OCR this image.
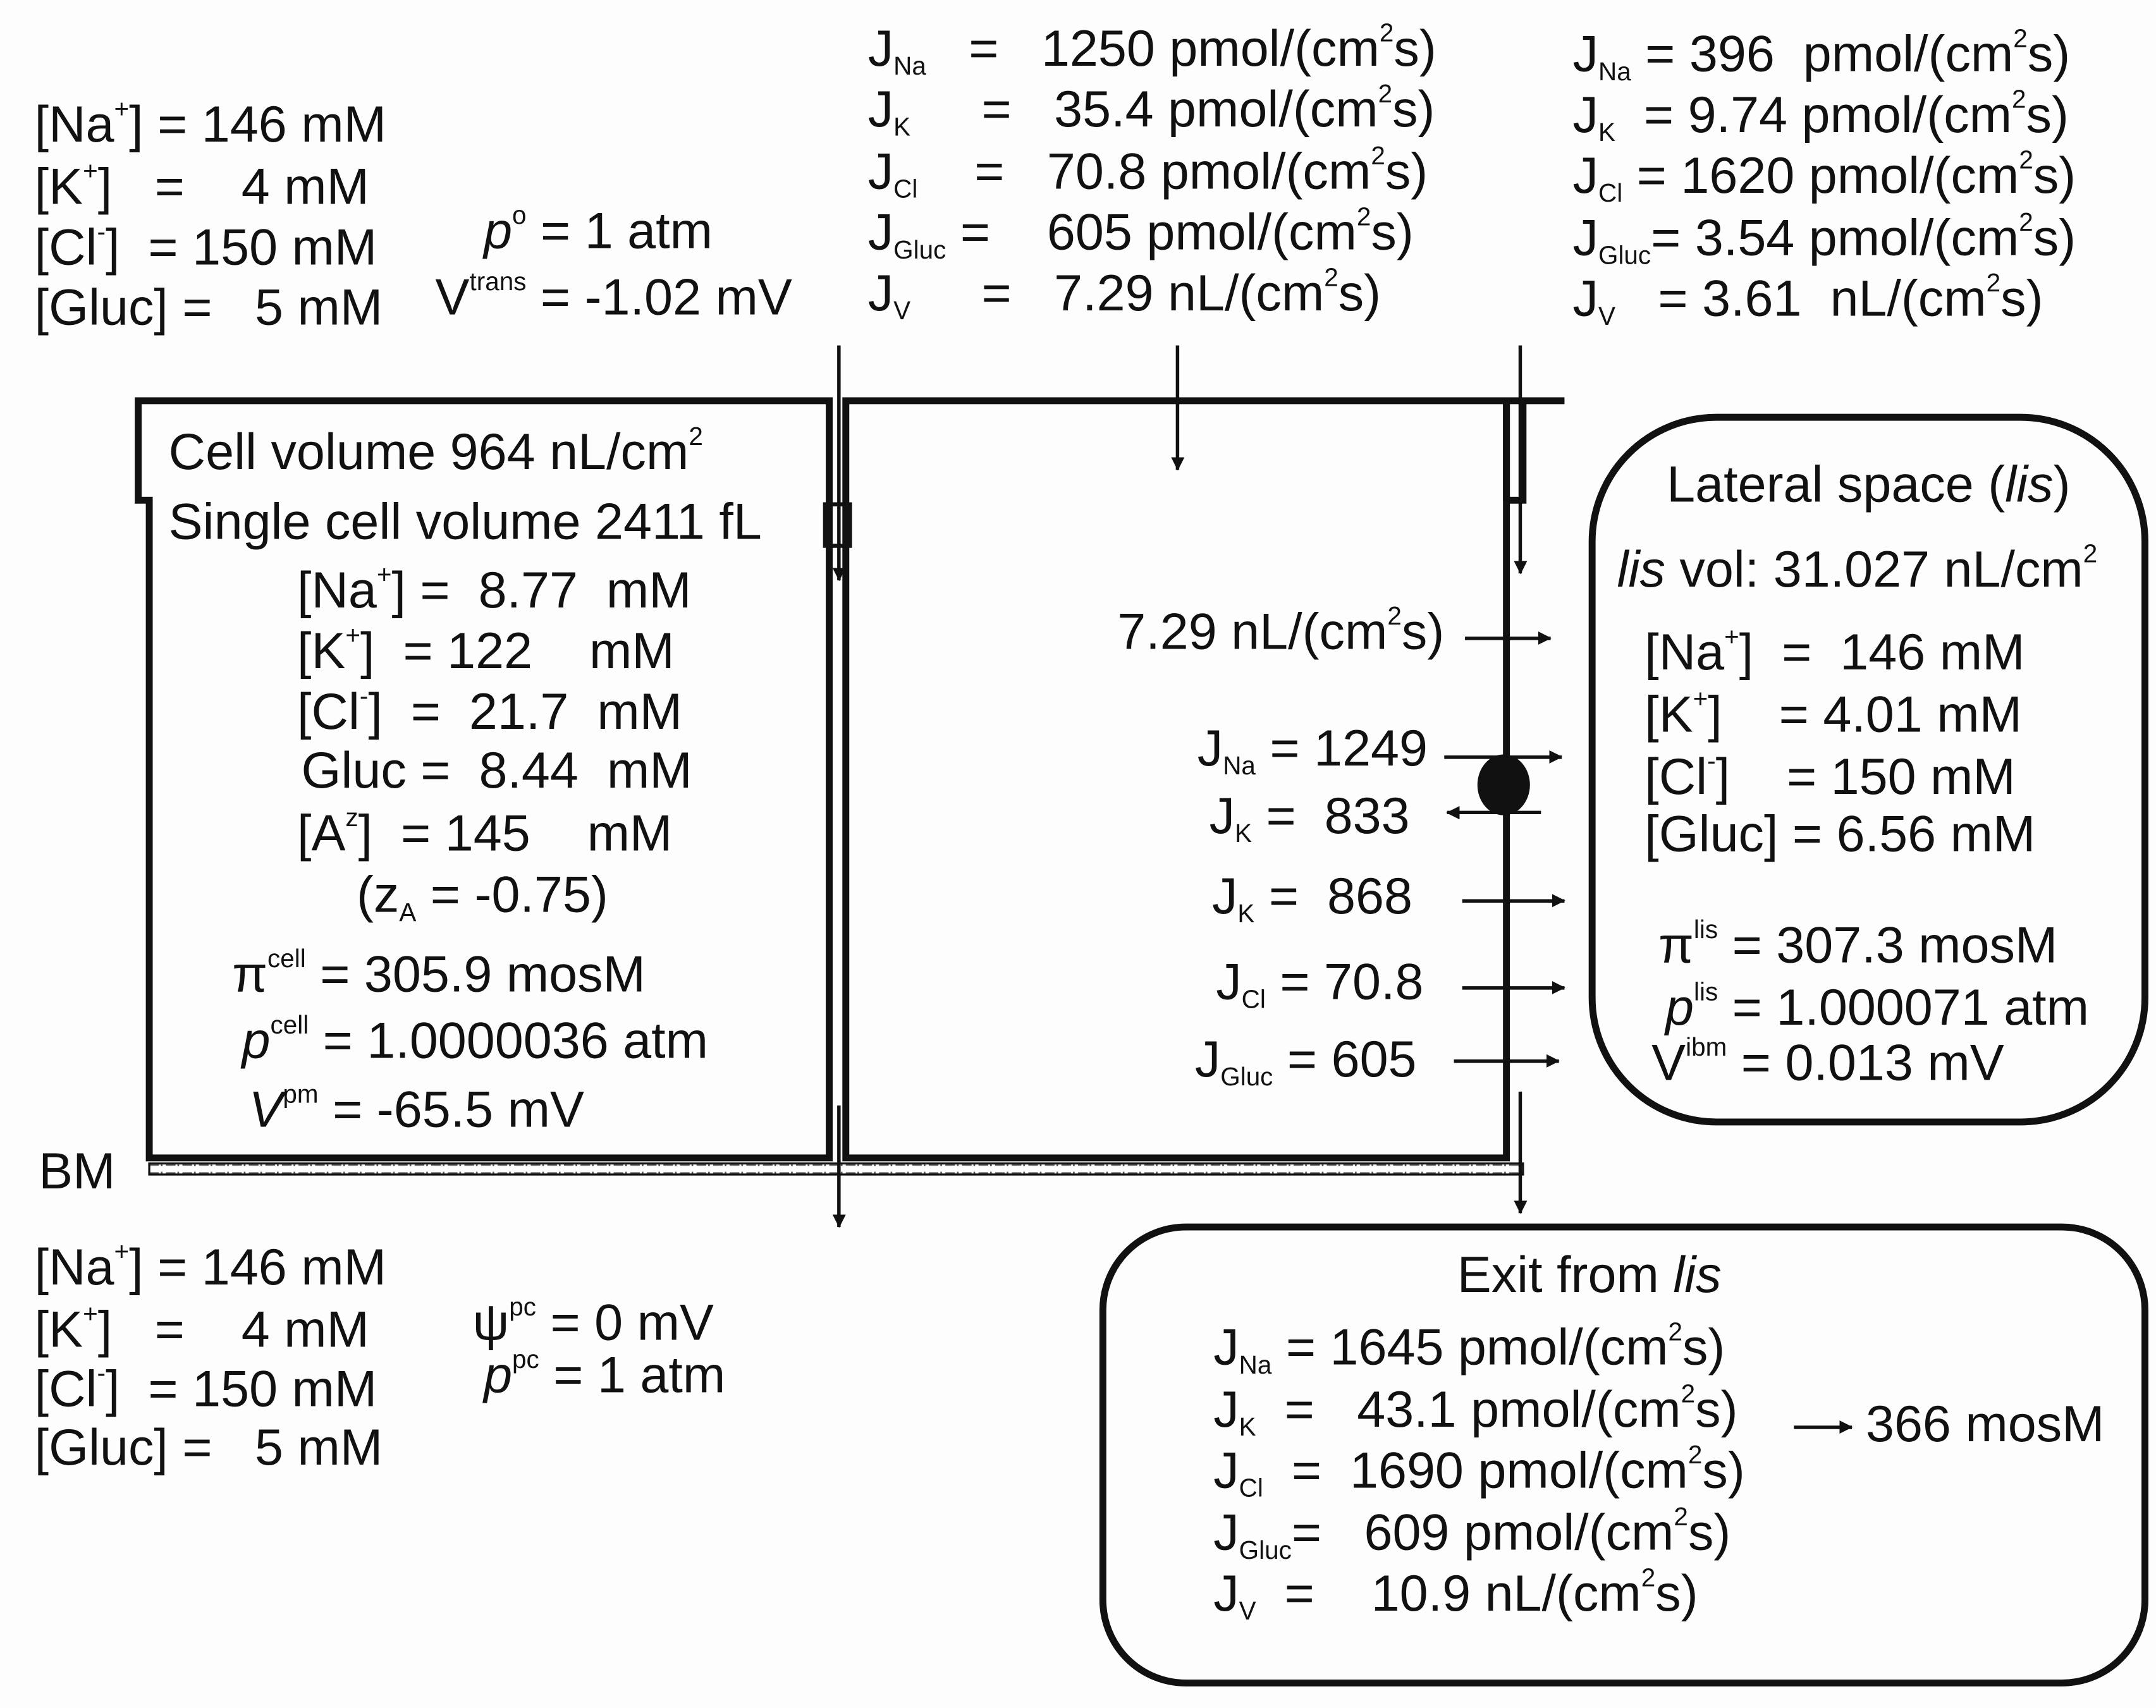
[Na+] = 146 mM
[K+]   =    4 mM
[Cl-]  = 150 mM
[Gluc] =   5 mM
$p^o = 1$ atm
$V^{trans} = -1.02$ mV
$J_{Na} = 1250$ pmol/$(cm^2s)$
$J_K$     =   35.4 pmol/$(cm^2s)$
$J_{Cl}$    =   70.8 pmol/$(cm^2s)$
$J_{Gluc}$ =    605 pmol/$(cm^2s)$
$J_V$     =   7.29 $nL/(cm^2s)$
$J_{Na} = 396$  pmol/$(cm^2s)$
$J_K = 9.74$ pmol/$(cm^2s)$
$J_{Cl} = 1620$ pmol/$(cm^2s)$
$J_{Gluc}= 3.54$ pmol/$(cm^2s)$
$J_V = 3.61$  $nL/(cm^2s)$
Cell volume 964 $nL/cm^2$
Single cell volume 2411 fL
[Na+] =  8.77  mM
[K+]  = 122    mM
[Cl-]  =  21.7  mM
Gluc =  8.44  mM
$[A^z] = 145$    mM
$(z_A = -0.75)$
$\pi^{cell} = 305.9$ mosM
$p^{cell} = 1.0000036$ atm
$V^{pm} = -65.5$ mV
7.29 $nL/(cm^2s)$
$J_{Na} = 1249$
$J_K = 833$
$J_K = 868$
$J_{Cl} = 70.8$
$J_{Gluc} = 605$
Lateral space (lis)
lis vol: 31.027 $nL/cm^2$
[Na+]  =  146 mM
[K+]    = 4.01 mM
[Cl-]    = 150 mM
[Gluc] = 6.56 mM
$\pi^{lis} = 307.3$ mosM
$p^{lis} = 1.000071$ atm
$V^{ibm} = 0.013$ mV
BM
[Na+] = 146 mM
[K+]   =    4 mM
[Cl-]  = 150 mM
[Gluc] =   5 mM
$\psi^{pc} = 0$ mV
$p^{pc} = 1$ atm
Exit from lis
$J_{Na} = 1645$ pmol/$(cm^2s)$
$J_K = 43.1$ pmol/$(cm^2s)$
$J_{Cl} = 1690$ pmol/$(cm^2s)$
$J_{Gluc}= 609$ pmol/$(cm^2s)$
$J_V$  =    10.9 $nL/(cm^2s)$
366 mosM
